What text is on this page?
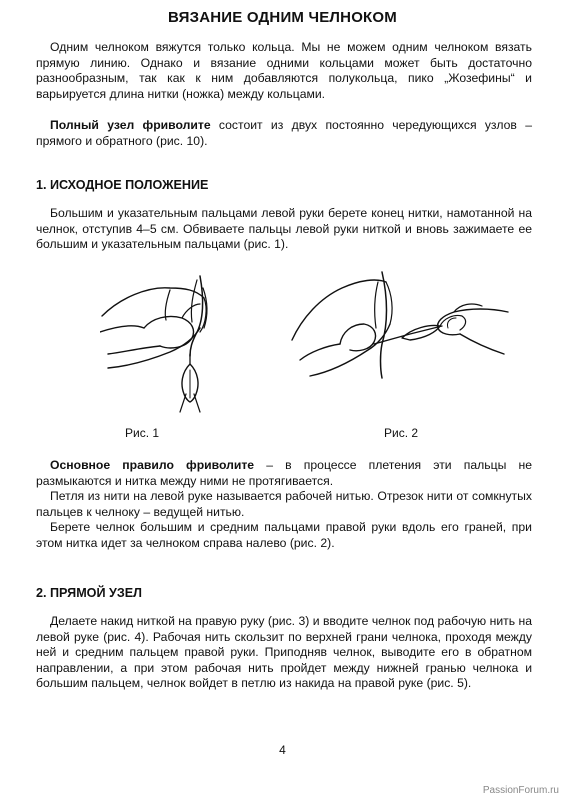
ВЯЗАНИЕ ОДНИМ ЧЕЛНОКОМ
Одним челноком вяжутся только кольца. Мы не можем одним челноком вязать прямую линию. Однако и вязание одними кольцами может быть достаточно разнообразным, так как к ним добавляются полукольца, пико „Жозефины“ и варьируется длина нитки (ножка) между кольцами.
Полный узел фриволите состоит из двух постоянно чередующихся узлов – прямого и обратного (рис. 10).
1. ИСХОДНОЕ ПОЛОЖЕНИЕ
Большим и указательным пальцами левой руки берете конец нитки, намотанной на челнок, отступив 4–5 см. Обвиваете пальцы левой руки ниткой и вновь зажимаете ее большим и указательным пальцами (рис. 1).
Рис. 1	Рис. 2
Основное правило фриволите – в процессе плетения эти пальцы не размыкаются и нитка между ними не протягивается.
Петля из нити на левой руке называется рабочей нитью. Отрезок нити от сомкнутых пальцев к челноку – ведущей нитью.
Берете челнок большим и средним пальцами правой руки вдоль его граней, при этом нитка идет за челноком справа налево (рис. 2).
2. ПРЯМОЙ УЗЕЛ
Делаете накид ниткой на правую руку (рис. 3) и вводите челнок под рабочую нить на левой руке (рис. 4). Рабочая нить скользит по верхней грани челнока, проходя между ней и средним пальцем правой руки. Приподняв челнок, выводите его в обратном направлении, а при этом рабочая нить пройдет между нижней гранью челнока и большим пальцем, челнок войдет в петлю из накида на правой руке (рис. 5).
4
PassionForum.ru
